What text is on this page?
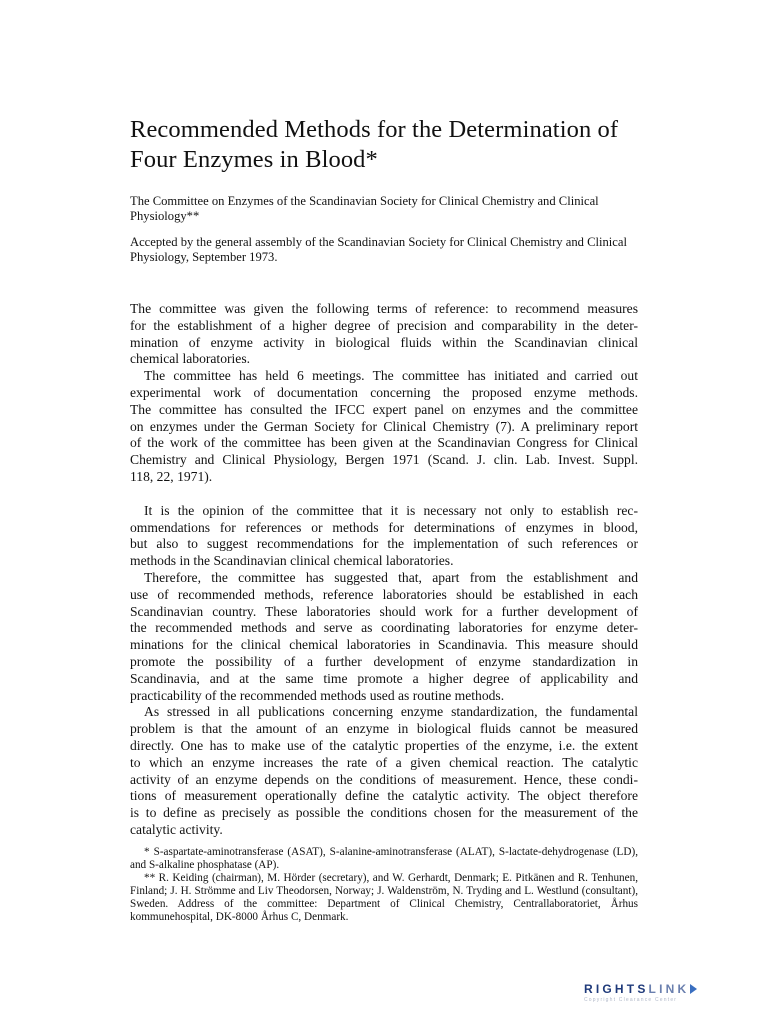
Recommended Methods for the Determination of
Four Enzymes in Blood*
The Committee on Enzymes of the Scandinavian Society for Clinical Chemistry and Clinical Physiology**
Accepted by the general assembly of the Scandinavian Society for Clinical Chemistry and Clinical Physiology, September 1973.

The committee was given the following terms of reference: to recommend measures
for the establishment of a higher degree of precision and comparability in the deter-
mination of enzyme activity in biological fluids within the Scandinavian clinical
chemical laboratories.

The committee has held 6 meetings. The committee has initiated and carried out
experimental work of documentation concerning the proposed enzyme methods.
The committee has consulted the IFCC expert panel on enzymes and the committee
on enzymes under the German Society for Clinical Chemistry (7). A preliminary report
of the work of the committee has been given at the Scandinavian Congress for Clinical
Chemistry and Clinical Physiology, Bergen 1971 (Scand. J. clin. Lab. Invest. Suppl.
118, 22, 1971).

It is the opinion of the committee that it is necessary not only to establish rec-
ommendations for references or methods for determinations of enzymes in blood,
but also to suggest recommendations for the implementation of such references or
methods in the Scandinavian clinical chemical laboratories.

Therefore, the committee has suggested that, apart from the establishment and
use of recommended methods, reference laboratories should be established in each
Scandinavian country. These laboratories should work for a further development of
the recommended methods and serve as coordinating laboratories for enzyme deter-
minations for the clinical chemical laboratories in Scandinavia. This measure should
promote the possibility of a further development of enzyme standardization in
Scandinavia, and at the same time promote a higher degree of applicability and
practicability of the recommended methods used as routine methods.

As stressed in all publications concerning enzyme standardization, the fundamental
problem is that the amount of an enzyme in biological fluids cannot be measured
directly. One has to make use of the catalytic properties of the enzyme, i.e. the extent
to which an enzyme increases the rate of a given chemical reaction. The catalytic
activity of an enzyme depends on the conditions of measurement. Hence, these condi-
tions of measurement operationally define the catalytic activity. The object therefore
is to define as precisely as possible the conditions chosen for the measurement of the
catalytic activity.

* S-aspartate-aminotransferase (ASAT), S-alanine-aminotransferase (ALAT), S-lactate-dehydrogenase (LD), and S-alkaline phosphatase (AP).

** R. Keiding (chairman), M. Hörder (secretary), and W. Gerhardt, Denmark; E. Pitkänen and R. Tenhunen, Finland; J. H. Strömme and Liv Theodorsen, Norway; J. Waldenström, N. Tryding and L. Westlund (consultant), Sweden. Address of the committee: Department of Clinical Chemistry, Centrallaboratoriet, Århus kommunehospital, DK-8000 Århus C, Denmark.

RIGHTSLINK
Copyright Clearance Center
